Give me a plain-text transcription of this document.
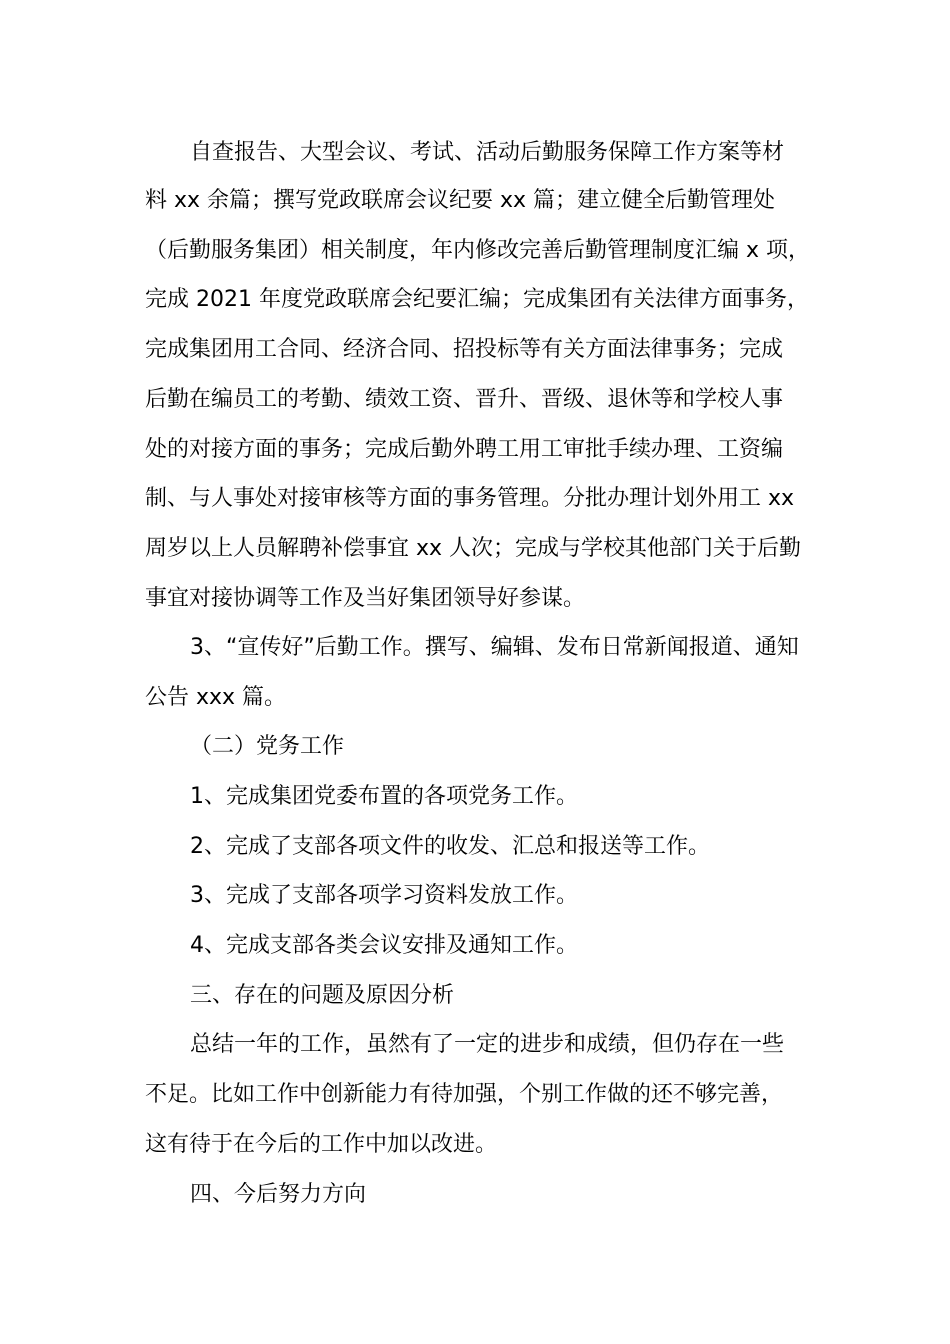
自查报告、大型会议、考试、活动后勤服务保障工作方案等材

料 xx 余篇；撰写党政联席会议纪要 xx 篇；建立健全后勤管理处

（后勤服务集团）相关制度，年内修改完善后勤管理制度汇编 x 项，

完成 2021 年度党政联席会纪要汇编；完成集团有关法律方面事务，

完成集团用工合同、经济合同、招投标等有关方面法律事务；完成

后勤在编员工的考勤、绩效工资、晋升、晋级、退休等和学校人事

处的对接方面的事务；完成后勤外聘工用工审批手续办理、工资编

制、与人事处对接审核等方面的事务管理。分批办理计划外用工 xx

周岁以上人员解聘补偿事宜 xx 人次；完成与学校其他部门关于后勤

事宜对接协调等工作及当好集团领导好参谋。

3、“宣传好”后勤工作。撰写、编辑、发布日常新闻报道、通知

公告 xxx 篇。

（二）党务工作

1、完成集团党委布置的各项党务工作。

2、完成了支部各项文件的收发、汇总和报送等工作。

3、完成了支部各项学习资料发放工作。

4、完成支部各类会议安排及通知工作。

三、存在的问题及原因分析

总结一年的工作，虽然有了一定的进步和成绩，但仍存在一些

不足。比如工作中创新能力有待加强，个别工作做的还不够完善，

这有待于在今后的工作中加以改进。

四、今后努力方向
